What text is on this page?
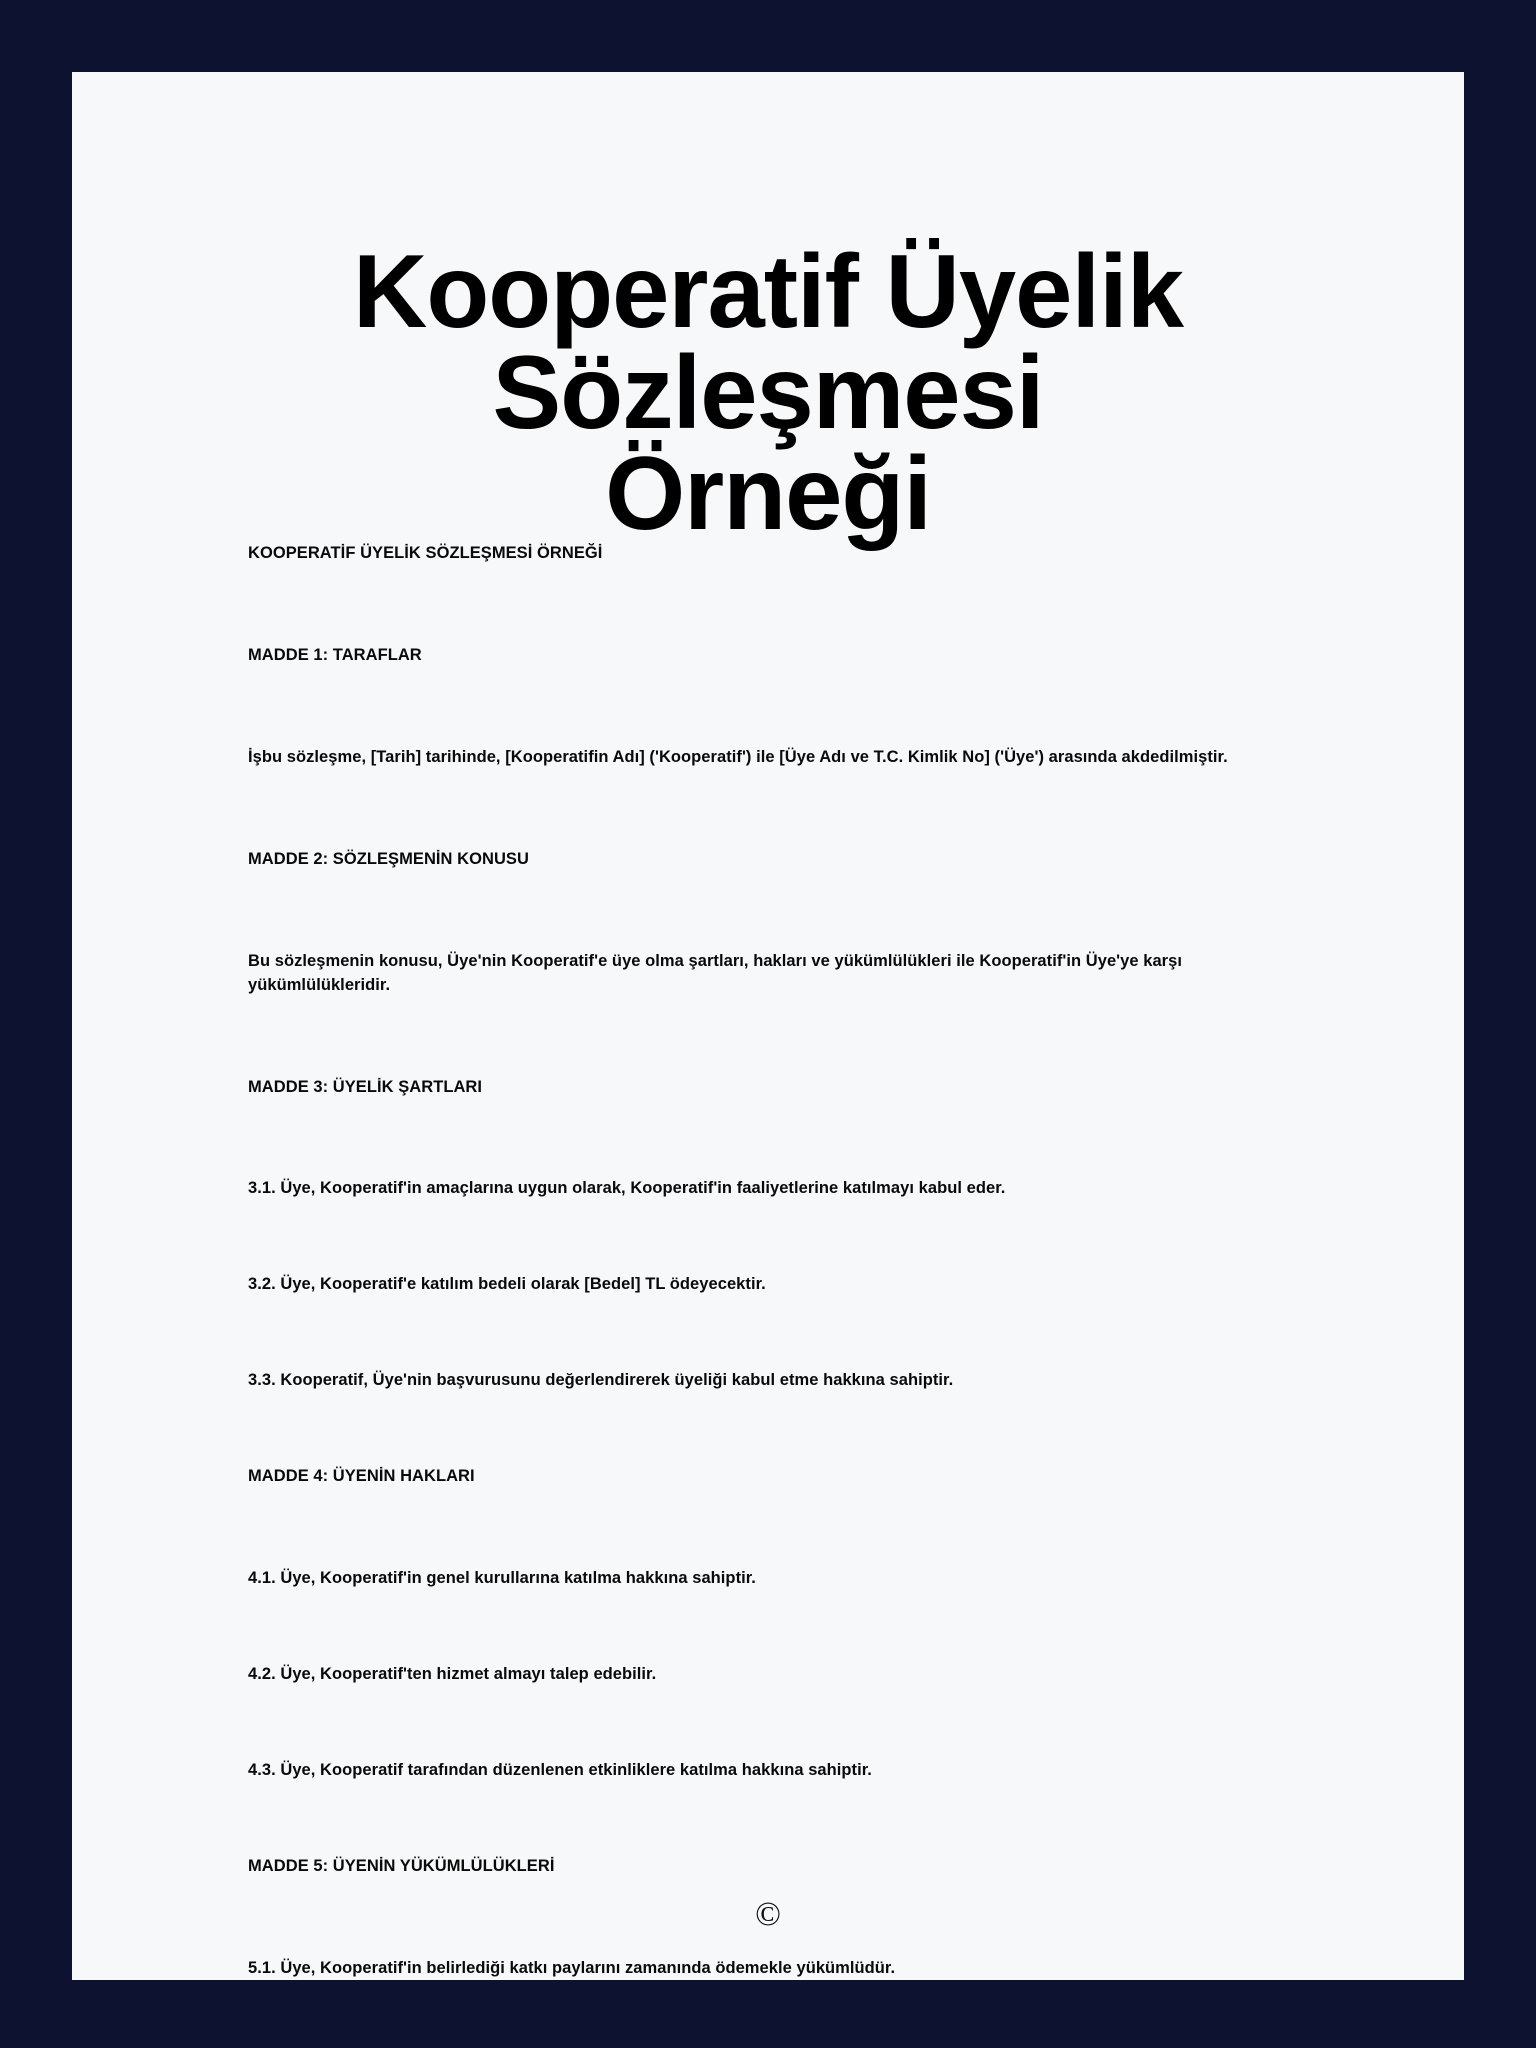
Kooperatif Üyelik Sözleşmesi
Örneği
KOOPERATİF ÜYELİK SÖZLEŞMESİ ÖRNEĞİ
MADDE 1: TARAFLAR
İşbu sözleşme, [Tarih] tarihinde, [Kooperatifin Adı] ('Kooperatif') ile [Üye Adı ve T.C. Kimlik No] ('Üye') arasında akdedilmiştir.
MADDE 2: SÖZLEŞMENİN KONUSU
Bu sözleşmenin konusu, Üye'nin Kooperatif'e üye olma şartları, hakları ve yükümlülükleri ile Kooperatif'in Üye'ye karşı yükümlülükleridir.
MADDE 3: ÜYELİK ŞARTLARI
3.1. Üye, Kooperatif'in amaçlarına uygun olarak, Kooperatif'in faaliyetlerine katılmayı kabul eder.
3.2. Üye, Kooperatif'e katılım bedeli olarak [Bedel] TL ödeyecektir.
3.3. Kooperatif, Üye'nin başvurusunu değerlendirerek üyeliği kabul etme hakkına sahiptir.
MADDE 4: ÜYENİN HAKLARI
4.1. Üye, Kooperatif'in genel kurullarına katılma hakkına sahiptir.
4.2. Üye, Kooperatif'ten hizmet almayı talep edebilir.
4.3. Üye, Kooperatif tarafından düzenlenen etkinliklere katılma hakkına sahiptir.
MADDE 5: ÜYENİN YÜKÜMLÜLÜKLERİ
5.1. Üye, Kooperatif'in belirlediği katkı paylarını zamanında ödemekle yükümlüdür.
©
